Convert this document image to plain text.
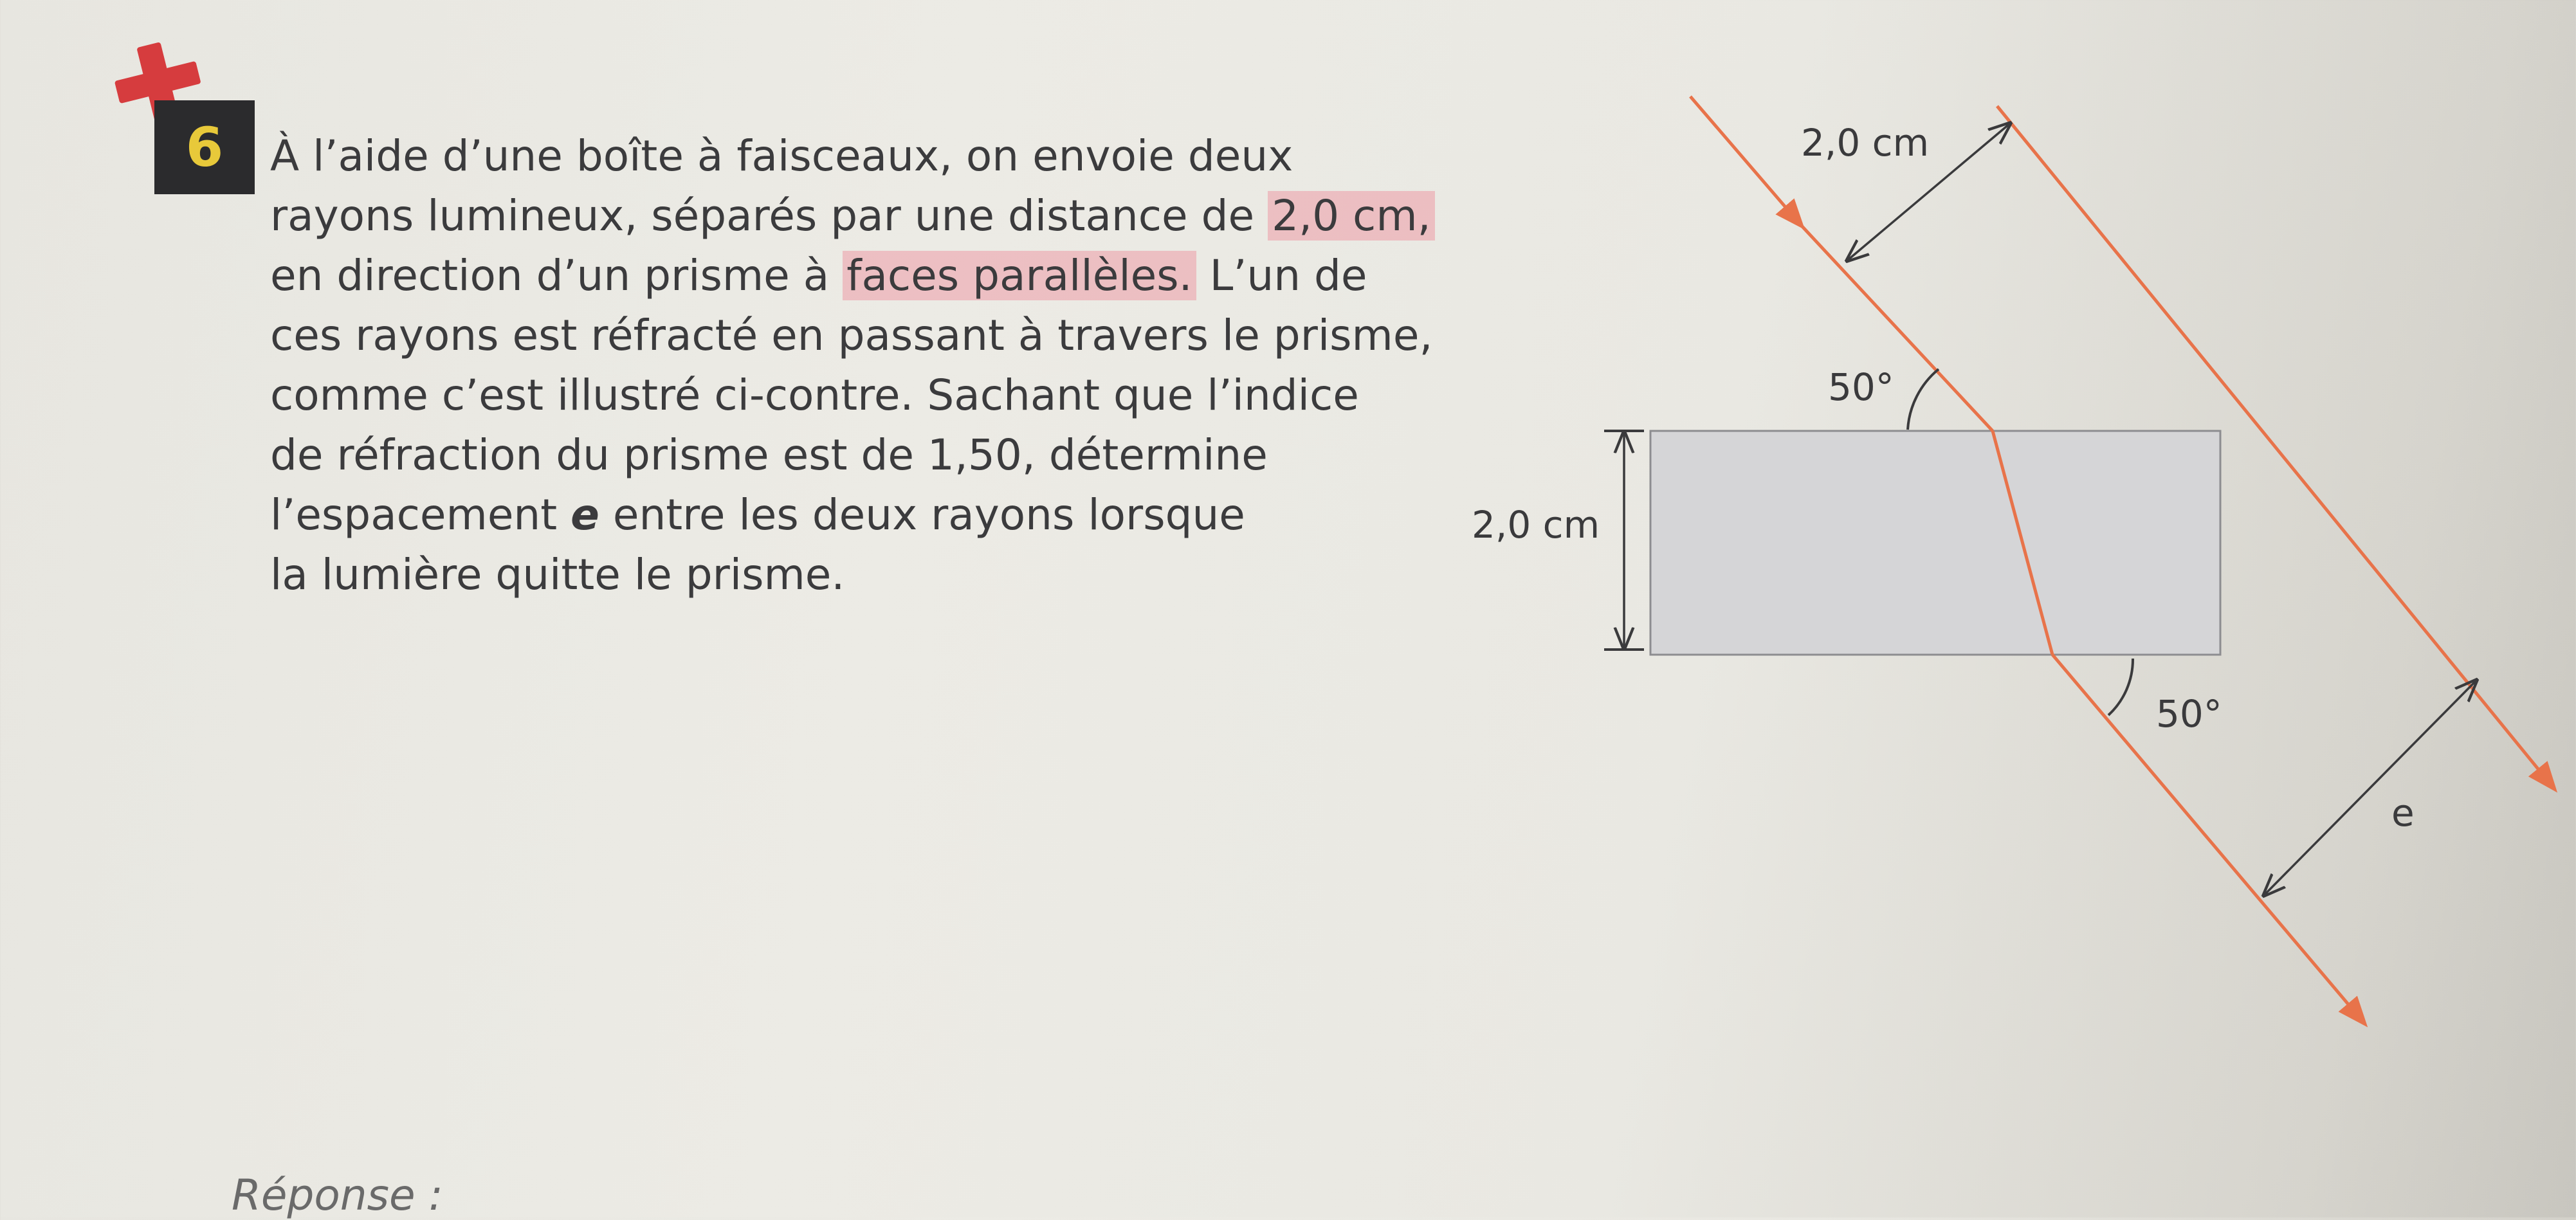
6	À l’aide d’une boîte à faisceaux, on envoie deux
rayons lumineux, séparés par une distance de 2,0 cm,
en direction d’un prisme à faces parallèles. L’un de
ces rayons est réfracté en passant à travers le prisme,
comme c’est illustré ci-contre. Sachant que l’indice
de réfraction du prisme est de 1,50, détermine
l’espacement e entre les deux rayons lorsque
la lumière quitte le prisme.

2,0 cm
2,0 cm
50°
50°
e
Réponse :
